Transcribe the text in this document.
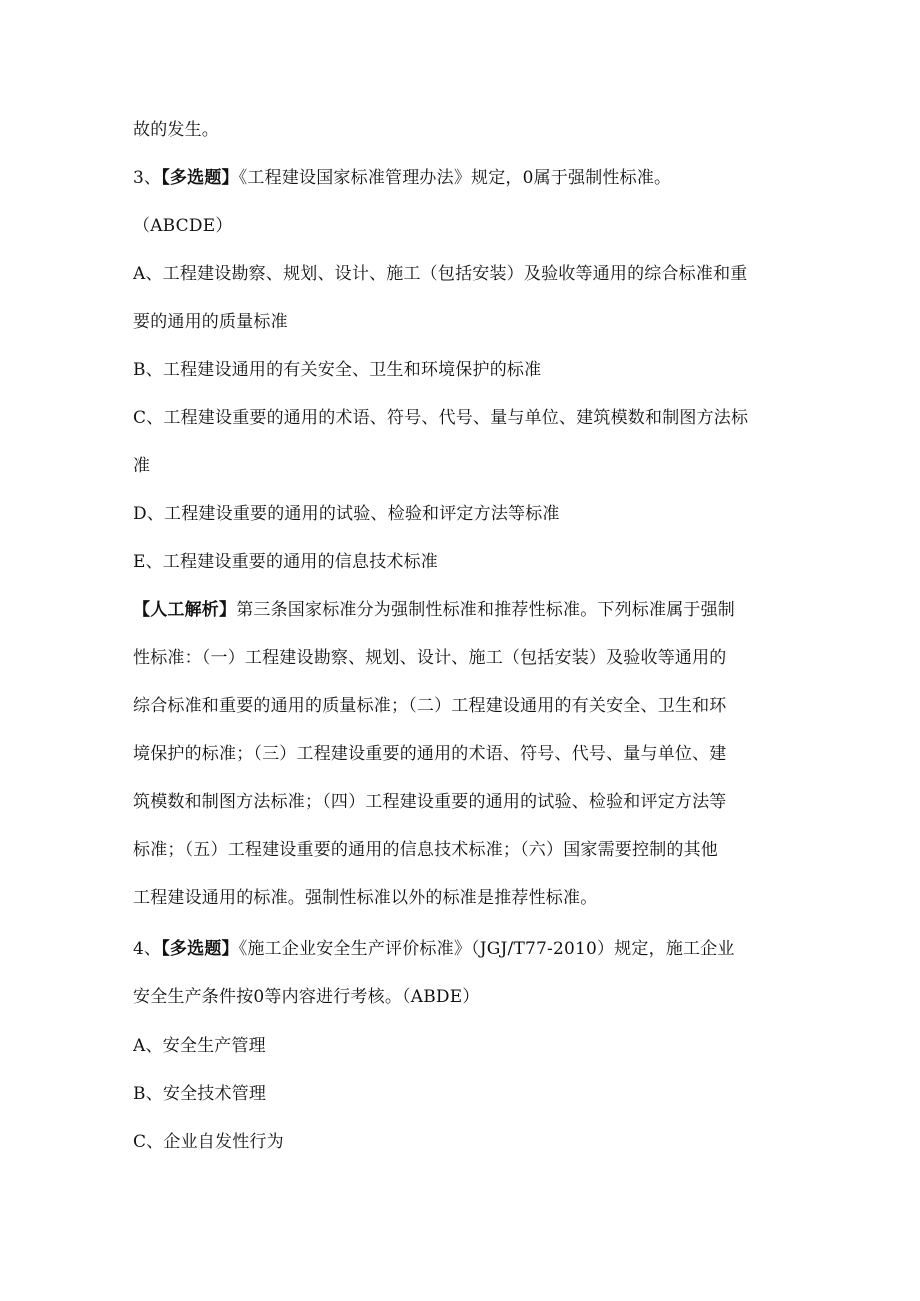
故的发生。
3、【多选题】《工程建设国家标准管理办法》规定，0属于强制性标准。
（ABCDE）
A、工程建设勘察、规划、设计、施工（包括安装）及验收等通用的综合标准和重
要的通用的质量标准
B、工程建设通用的有关安全、卫生和环境保护的标准
C、工程建设重要的通用的术语、符号、代号、量与单位、建筑模数和制图方法标
准
D、工程建设重要的通用的试验、检验和评定方法等标准
E、工程建设重要的通用的信息技术标准
【人工解析】第三条国家标准分为强制性标准和推荐性标准。下列标准属于强制
性标准：（一）工程建设勘察、规划、设计、施工（包括安装）及验收等通用的
综合标准和重要的通用的质量标准；（二）工程建设通用的有关安全、卫生和环
境保护的标准；（三）工程建设重要的通用的术语、符号、代号、量与单位、建
筑模数和制图方法标准；（四）工程建设重要的通用的试验、检验和评定方法等
标准；（五）工程建设重要的通用的信息技术标准；（六）国家需要控制的其他
工程建设通用的标准。强制性标准以外的标准是推荐性标准。
4、【多选题】《施工企业安全生产评价标准》（JGJ/T77-2010）规定，施工企业
安全生产条件按0等内容进行考核。（ABDE）
A、安全生产管理
B、安全技术管理
C、企业自发性行为
